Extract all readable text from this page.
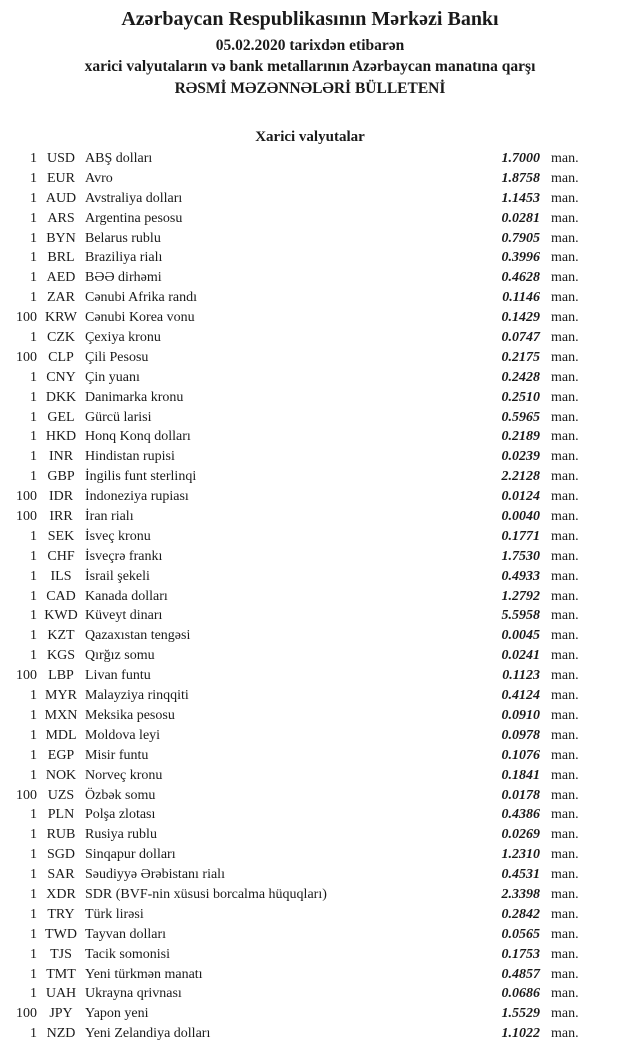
Azərbaycan Respublikasının Mərkəzi Bankı
05.02.2020 tarixdən etibarən
xarici valyutaların və bank metallarının Azərbaycan manatına qarşı
RƏSMİ MƏZƏNNƏLƏRİ BÜLLETENİ
Xarici valyutalar
1 USD ABŞ dolları	1.7000 man.
1 EUR Avro	1.8758 man.
1 AUD Avstraliya dolları	1.1453 man.
1 ARS Argentina pesosu	0.0281 man.
1 BYN Belarus rublu	0.7905 man.
1 BRL Braziliya rialı	0.3996 man.
1 AED BƏƏ dirhəmi	0.4628 man.
1 ZAR Cənubi Afrika randı	0.1146 man.
100 KRW Cənubi Korea vonu	0.1429 man.
1 CZK Çexiya kronu	0.0747 man.
100 CLP Çili Pesosu	0.2175 man.
1 CNY Çin yuanı	0.2428 man.
1 DKK Danimarka kronu	0.2510 man.
1 GEL Gürcü larisi	0.5965 man.
1 HKD Honq Konq dolları	0.2189 man.
1 INR Hindistan rupisi	0.0239 man.
1 GBP İngilis funt sterlinqi	2.2128 man.
100 IDR İndoneziya rupiası	0.0124 man.
100 IRR İran rialı	0.0040 man.
1 SEK İsveç kronu	0.1771 man.
1 CHF İsveçrə frankı	1.7530 man.
1 ILS İsrail şekeli	0.4933 man.
1 CAD Kanada dolları	1.2792 man.
1 KWD Küveyt dinarı	5.5958 man.
1 KZT Qazaxıstan tengəsi	0.0045 man.
1 KGS Qırğız somu	0.0241 man.
100 LBP Livan funtu	0.1123 man.
1 MYR Malayziya rinqqiti	0.4124 man.
1 MXN Meksika pesosu	0.0910 man.
1 MDL Moldova leyi	0.0978 man.
1 EGP Misir funtu	0.1076 man.
1 NOK Norveç kronu	0.1841 man.
100 UZS Özbək somu	0.0178 man.
1 PLN Polşa zlotası	0.4386 man.
1 RUB Rusiya rublu	0.0269 man.
1 SGD Sinqapur dolları	1.2310 man.
1 SAR Səudiyyə Ərəbistanı rialı	0.4531 man.
1 XDR SDR (BVF-nin xüsusi borcalma hüquqları)	2.3398 man.
1 TRY Türk lirəsi	0.2842 man.
1 TWD Tayvan dolları	0.0565 man.
1 TJS Tacik somonisi	0.1753 man.
1 TMT Yeni türkmən manatı	0.4857 man.
1 UAH Ukrayna qrivnası	0.0686 man.
100 JPY Yapon yeni	1.5529 man.
1 NZD Yeni Zelandiya dolları	1.1022 man.
